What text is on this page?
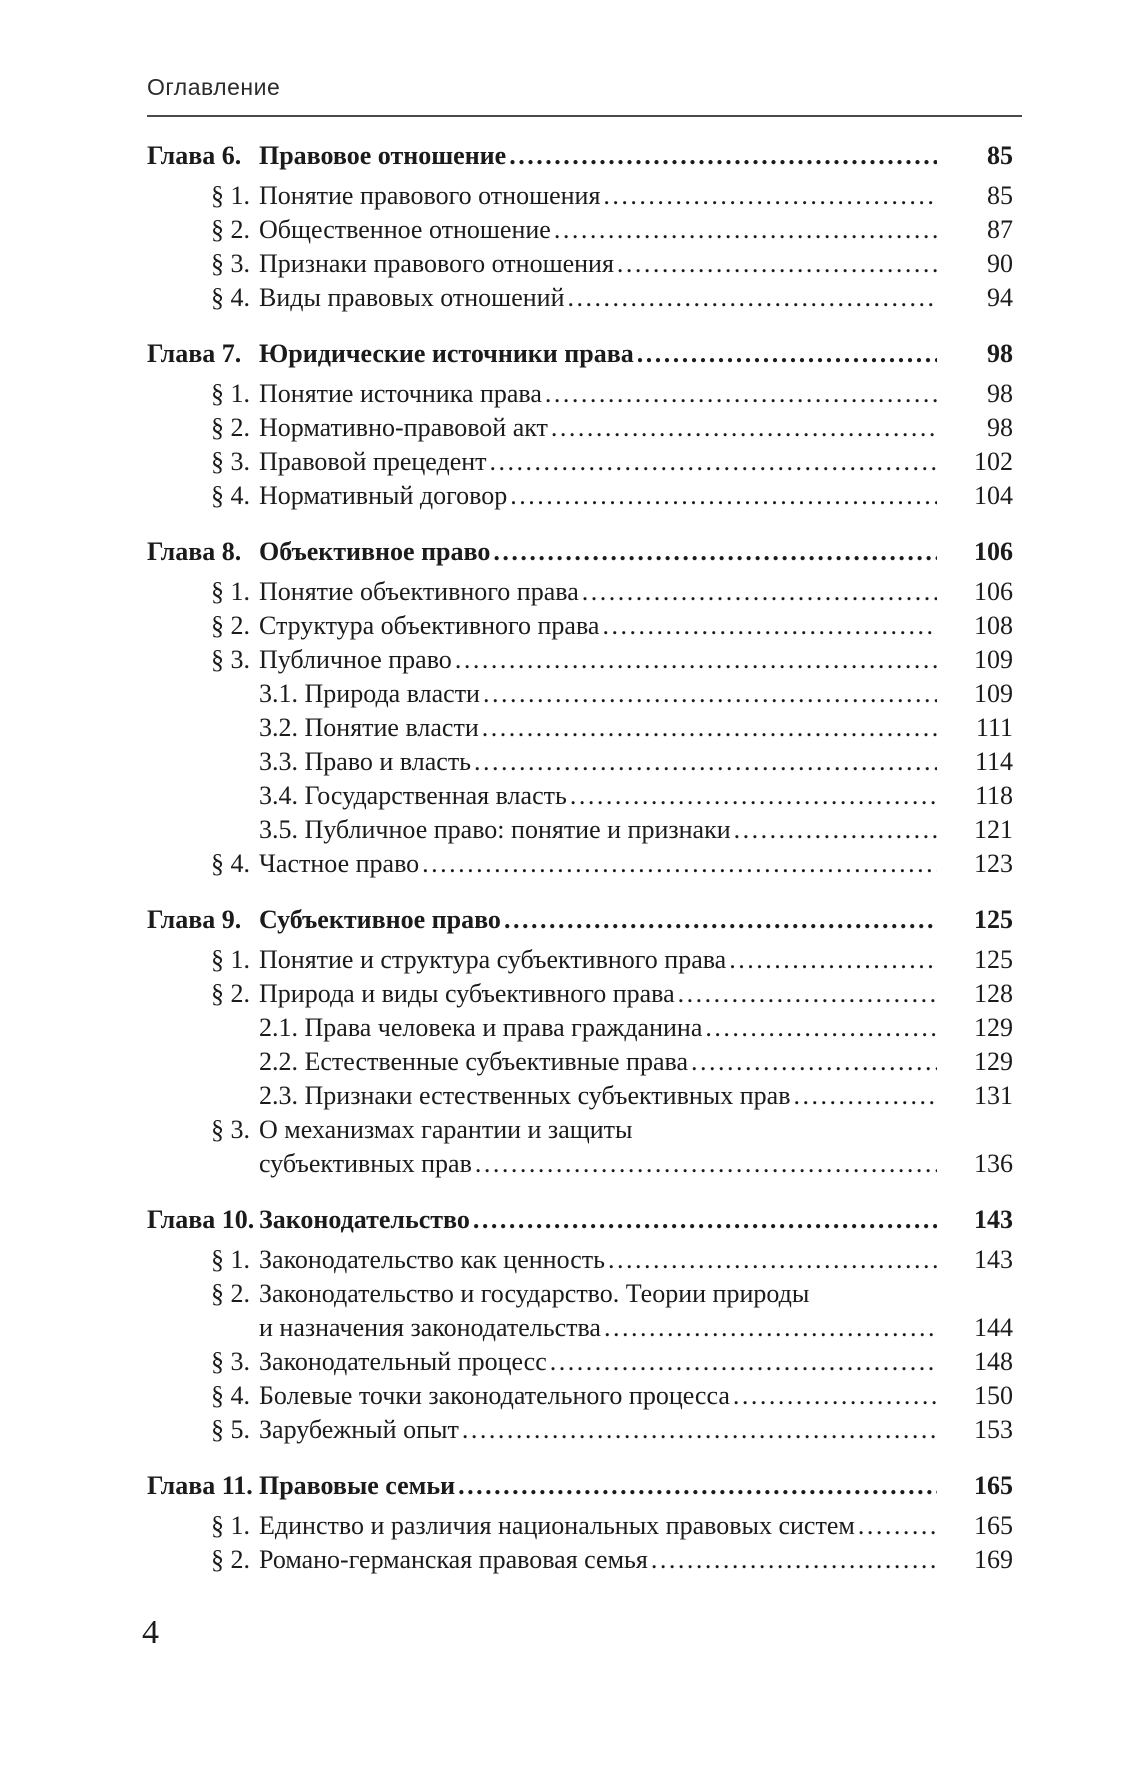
Оглавление
Глава 6. Правовое отношение .....	85
§ 1. Понятие правового отношения .....	85
§ 2. Общественное отношение .....	87
§ 3. Признаки правового отношения .....	90
§ 4. Виды правовых отношений .....	94
Глава 7. Юридические источники права .....	98
§ 1. Понятие источника права .....	98
§ 2. Нормативно-правовой акт .....	98
§ 3. Правовой прецедент .....	102
§ 4. Нормативный договор .....	104
Глава 8. Объективное право .....	106
§ 1. Понятие объективного права .....	106
§ 2. Структура объективного права .....	108
§ 3. Публичное право .....	109
3.1. Природа власти .....	109
3.2. Понятие власти .....	111
3.3. Право и власть .....	114
3.4. Государственная власть .....	118
3.5. Публичное право: понятие и признаки .....	121
§ 4. Частное право .....	123
Глава 9. Субъективное право .....	125
§ 1. Понятие и структура субъективного права .....	125
§ 2. Природа и виды субъективного права .....	128
2.1. Права человека и права гражданина .....	129
2.2. Естественные субъективные права .....	129
2.3. Признаки естественных субъективных прав .....	131
§ 3. О механизмах гарантии и защиты
субъективных прав .....	136
Глава 10. Законодательство .....	143
§ 1. Законодательство как ценность .....	143
§ 2. Законодательство и государство. Теории природы
и назначения законодательства .....	144
§ 3. Законодательный процесс .....	148
§ 4. Болевые точки законодательного процесса .....	150
§ 5. Зарубежный опыт .....	153
Глава 11. Правовые семьи .....	165
§ 1. Единство и различия национальных правовых систем .....	165
§ 2. Романо-германская правовая семья .....	169
4
